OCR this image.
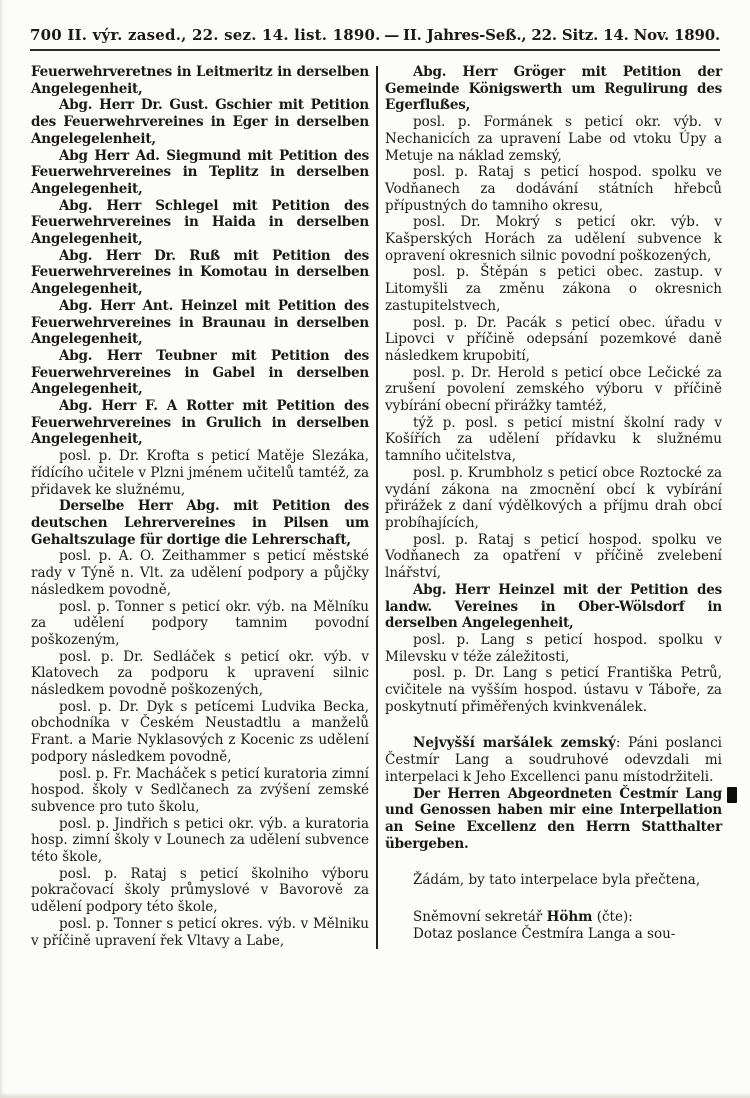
700 II. výr. zased., 22. sez. 14. list. 1890. — II. Jahres-Seß., 22. Sitz. 14. Nov. 1890.

Feuerwehrveretnes in Leitmeritz in derselben Angelegenheit,

Abg. Herr Dr. Gust. Gschier mit Petition des Feuerwehrvereines in Eger in derselben Angelegelenheit,

Abg Herr Ad. Siegmund mit Petition des Feuerwehrvereines in Teplitz in derselben Angelegenheit,

Abg. Herr Schlegel mit Petition des Feuerwehrvereines in Haida in derselben Angelegenheit,

Abg. Herr Dr. Ruß mit Petition des Feuerwehrvereines in Komotau in derselben Angelegenheit,

Abg. Herr Ant. Heinzel mit Petition des Feuerwehrvereines in Braunau in derselben Angelegenheit,

Abg. Herr Teubner mit Petition des Feuerwehrvereines in Gabel in derselben Angelegenheit,

Abg. Herr F. A Rotter mit Petition des Feuerwehrvereines in Grulich in derselben Angelegenheit,

posl. p. Dr. Krofta s peticí Matěje Slezáka, řídícího učitele v Plzni jménem učitelů tamtéž, za přidavek ke služnému,

Derselbe Herr Abg. mit Petition des deutschen Lehrervereines in Pilsen um Gehaltszulage für dortige die Lehrerschaft,

posl. p. A. O. Zeithammer s peticí městské rady v Týně n. Vlt. za udělení podpory a půjčky následkem povodně,

posl. p. Tonner s peticí okr. výb. na Mělníku za udělení podpory tamnim povodní poškozeným,

posl. p. Dr. Sedláček s peticí okr. výb. v Klatovech za podporu k upravení silnic následkem povodně poškozených,

posl. p. Dr. Dyk s petícemi Ludvika Becka, obchodníka v Českém Neustadtlu a manželů Frant. a Marie Nyklasových z Kocenic zs udělení podpory následkem povodně,

posl. p. Fr. Macháček s peticí kuratoria zimní hospod. školy v Sedlčanech za zvýšení zemské subvence pro tuto školu,

posl. p. Jindřich s petici okr. výb. a kuratoria hosp. zimní školy v Lounech za udělení subvence této škole,

posl. p. Rataj s peticí školniho výboru pokračovací školy průmyslové v Bavorově za udělení podpory této škole,

posl. p. Tonner s peticí okres. výb. v Mělniku v příčině upravení řek Vltavy a Labe,

Abg. Herr Gröger mit Petition der Gemeinde Königswerth um Regulirung des Egerflußes,

posl. p. Formánek s peticí okr. výb. v Nechanicích za upravení Labe od vtoku Úpy a Metuje na náklad zemský,

posl. p. Rataj s peticí hospod. spolku ve Vodňanech za dodávání státních hřebců přípustných do tamniho okresu,

posl. Dr. Mokrý s peticí okr. výb. v Kašperských Horách za udělení subvence k opravení okresnich silnic povodní poškozených,

posl. p. Štěpán s petici obec. zastup. v Litomyšli za změnu zákona o okresnich zastupitelstvech,

posl. p. Dr. Pacák s peticí obec. úřadu v Lipovci v příčině odepsání pozemkové daně následkem krupobití,

posl. p. Dr. Herold s peticí obce Lečické za zrušení povolení zemského výboru v příčině vybírání obecní přirážky tamtéž,

týž p. posl. s peticí mistní školní rady v Košířích za udělení přídavku k služnému tamního učitelstva,

posl. p. Krumbholz s peticí obce Roztocké za vydání zákona na zmocnění obcí k vybírání přirážek z daní výdělkových a příjmu drah obcí probíhajících,

posl. p. Rataj s peticí hospod. spolku ve Vodňanech za opatření v příčině zvelebení lnářství,

Abg. Herr Heinzel mit der Petition des landw. Vereines in Ober-Wölsdorf in derselben Angelegenheit,

posl. p. Lang s peticí hospod. spolku v Milevsku v téže záležitosti,

posl. p. Dr. Lang s peticí Františka Petrů, cvičitele na vyšším hospod. ústavu v Táboře, za poskytnutí přiměřených kvinkvenálek.

Nejvyšší maršálek zemský: Páni poslanci Čestmír Lang a soudruhové odevzdali mi interpelaci k Jeho Excellenci panu místodržiteli.

Der Herren Abgeordneten Čestmír Lang und Genossen haben mir eine Interpellation an Seine Excellenz den Herrn Statthalter übergeben.

Žádám, by tato interpelace byla přečtena,

Sněmovní sekretář Höhm (čte):

Dotaz poslance Čestmíra Langa a sou-
